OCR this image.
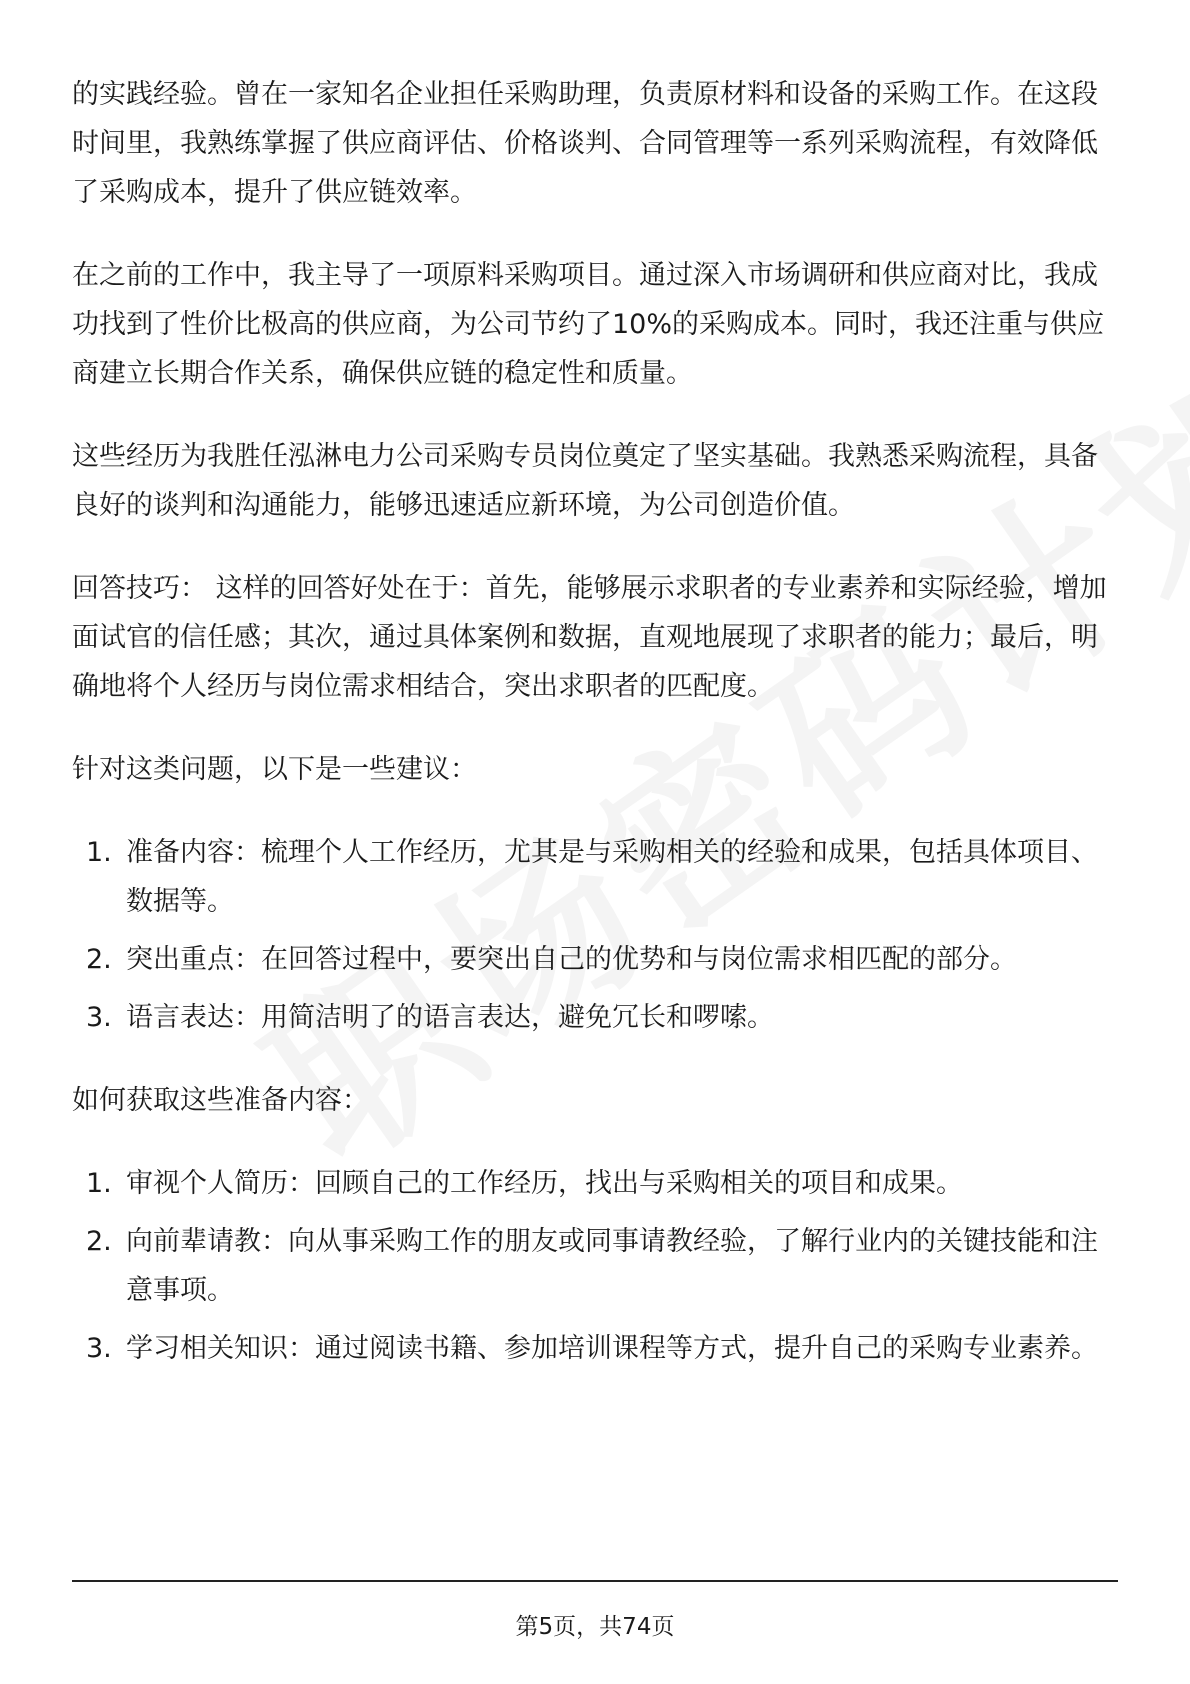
的实践经验。曾在一家知名企业担任采购助理，负责原材料和设备的采购工作。在这段时间里，我熟练掌握了供应商评估、价格谈判、合同管理等一系列采购流程，有效降低了采购成本，提升了供应链效率。

在之前的工作中，我主导了一项原料采购项目。通过深入市场调研和供应商对比，我成功找到了性价比极高的供应商，为公司节约了10%的采购成本。同时，我还注重与供应商建立长期合作关系，确保供应链的稳定性和质量。

这些经历为我胜任泓淋电力公司采购专员岗位奠定了坚实基础。我熟悉采购流程，具备良好的谈判和沟通能力，能够迅速适应新环境，为公司创造价值。

回答技巧： 这样的回答好处在于：首先，能够展示求职者的专业素养和实际经验，增加面试官的信任感；其次，通过具体案例和数据，直观地展现了求职者的能力；最后，明确地将个人经历与岗位需求相结合，突出求职者的匹配度。

针对这类问题，以下是一些建议：

1. 准备内容：梳理个人工作经历，尤其是与采购相关的经验和成果，包括具体项目、数据等。
2. 突出重点：在回答过程中，要突出自己的优势和与岗位需求相匹配的部分。
3. 语言表达：用简洁明了的语言表达，避免冗长和啰嗦。

如何获取这些准备内容：

1. 审视个人简历：回顾自己的工作经历，找出与采购相关的项目和成果。
2. 向前辈请教：向从事采购工作的朋友或同事请教经验，了解行业内的关键技能和注意事项。
3. 学习相关知识：通过阅读书籍、参加培训课程等方式，提升自己的采购专业素养。
第5页，共74页
